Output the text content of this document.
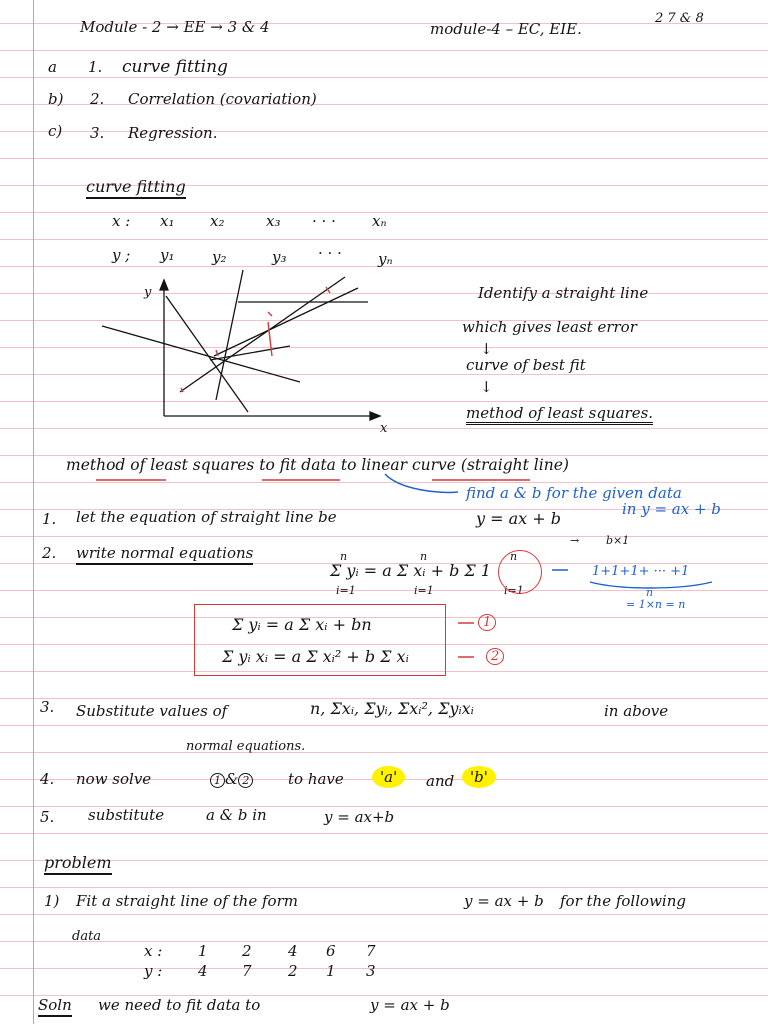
Module - 2 → EE → 3 & 4	module-4 – EC, EIE.
2 7 & 8
a 1. curve fitting
b) 2. Correlation (covariation)
c) 3. Regression.
curve fitting
x : x₁ x₂	x₃ · · · xₙ
y ; y₁	y₂	y₃ · · · yₙ
y
x
Identify a straight line
which gives least error
↓
curve of best fit
↓
method of least squares.
method of least squares to fit data to linear curve (straight line)
find a & b for the given data
in y = ax + b
1. let the equation of straight line be	y = ax + b
→ b×1
2. write normal equations	n	n	n
Σ yᵢ = a Σ xᵢ + b Σ 1
i=1	i=1	i=1
1+1+1+ ··· +1
n
= 1×n = n
Σ yᵢ = a Σ xᵢ + bn
Σ yᵢ xᵢ = a Σ xᵢ² + b Σ xᵢ
1
2
3. Substitute values of	n, Σxᵢ, Σyᵢ, Σxᵢ², Σyᵢxᵢ	in above
normal equations.
4. now solve	1 & 2	to have	'a'	and	'b'
5. substitute	a & b in	y = ax+b
problem
1) Fit a straight line of the form	y = ax + b for the following
data
x : 1 2 4 6 7
y : 4 7 2 1 3
Soln we need to fit data to	y = ax + b
